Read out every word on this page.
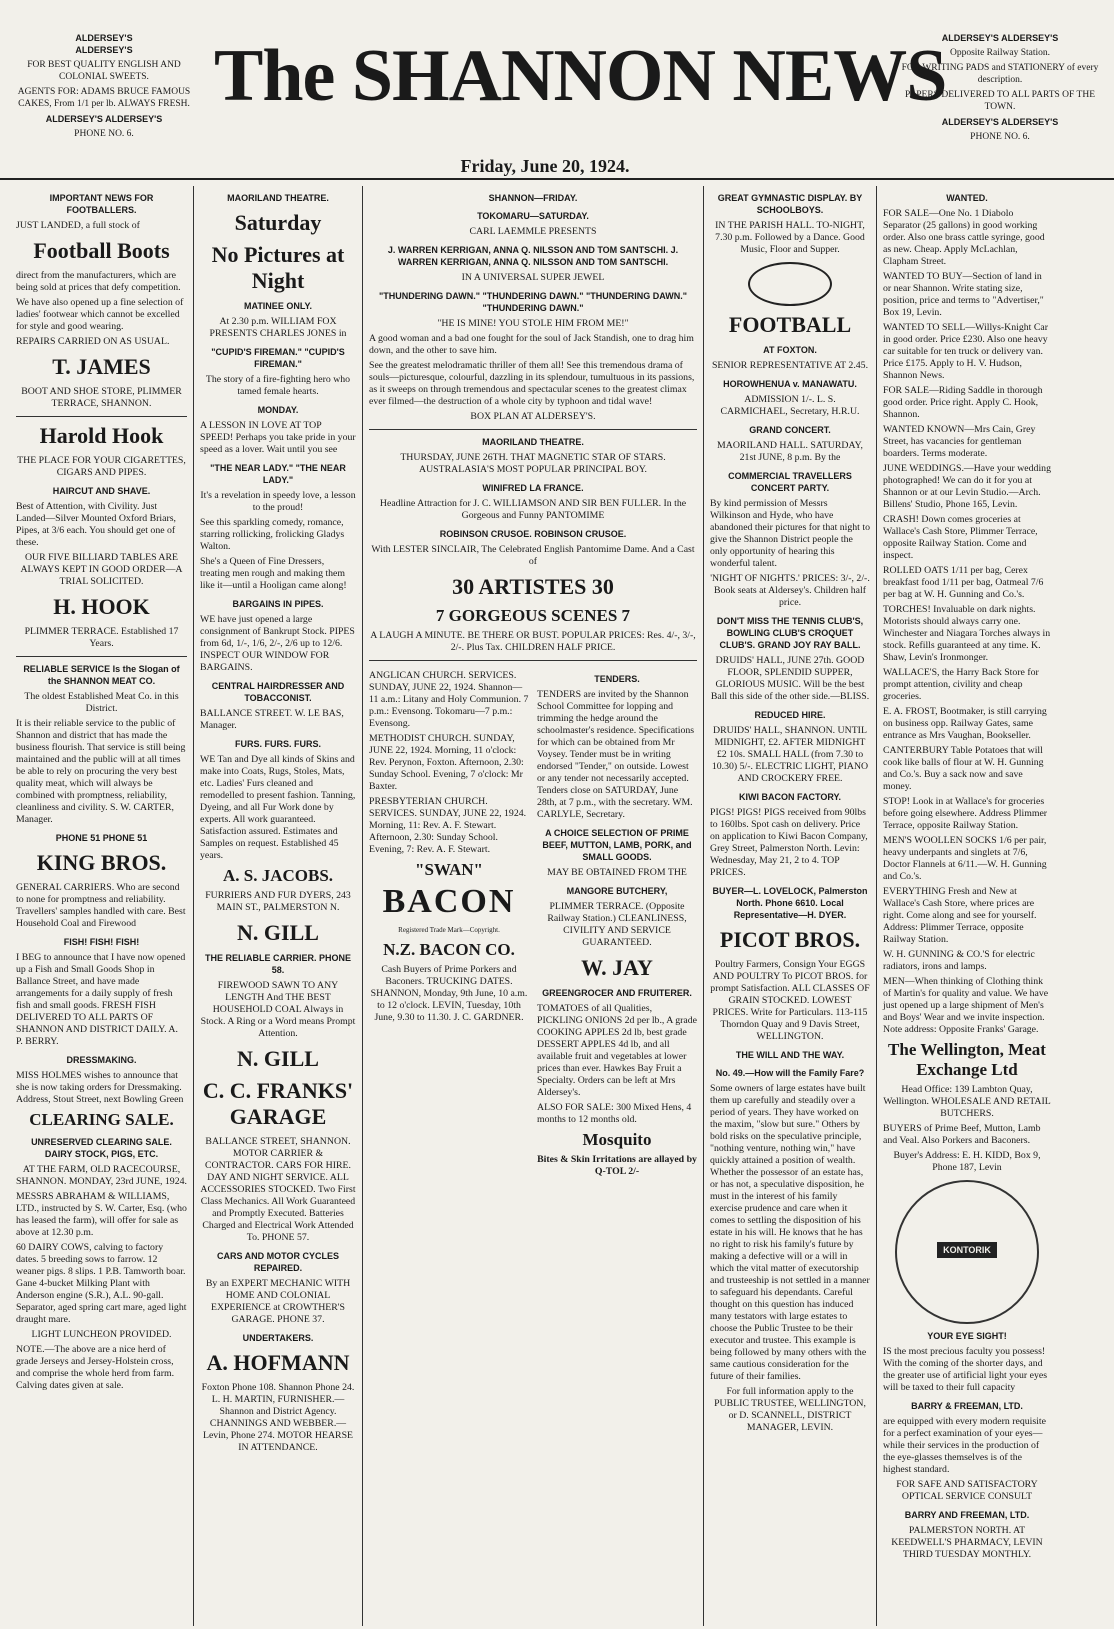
ALDERSEY'S
ALDERSEY'S

FOR BEST QUALITY ENGLISH AND COLONIAL SWEETS.

AGENTS FOR: ADAMS BRUCE FAMOUS CAKES, From 1/1 per lb. ALWAYS FRESH.

ALDERSEY'S ALDERSEY'S

PHONE NO. 6.

The SHANNON NEWS
Friday, June 20, 1924.
ALDERSEY'S ALDERSEY'S

Opposite Railway Station.

FOR WRITING PADS and STATIONERY of every description.

PAPERS DELIVERED TO ALL PARTS OF THE TOWN.

ALDERSEY'S ALDERSEY'S

PHONE NO. 6.

IMPORTANT NEWS FOR FOOTBALLERS.

JUST LANDED, a full stock of

Football Boots

direct from the manufacturers, which are being sold at prices that defy competition.

We have also opened up a fine selection of ladies' footwear which cannot be excelled for style and good wearing.

REPAIRS CARRIED ON AS USUAL.

T. JAMES

BOOT AND SHOE STORE, PLIMMER TERRACE, SHANNON.

Harold Hook

THE PLACE FOR YOUR CIGARETTES, CIGARS AND PIPES.

HAIRCUT AND SHAVE.

Best of Attention, with Civility. Just Landed—Silver Mounted Oxford Briars, Pipes, at 3/6 each. You should get one of these.

OUR FIVE BILLIARD TABLES ARE ALWAYS KEPT IN GOOD ORDER—A TRIAL SOLICITED.

H. HOOK

PLIMMER TERRACE. Established 17 Years.

RELIABLE SERVICE Is the Slogan of the SHANNON MEAT CO.

The oldest Established Meat Co. in this District.

It is their reliable service to the public of Shannon and district that has made the business flourish. That service is still being maintained and the public will at all times be able to rely on procuring the very best quality meat, which will always be combined with promptness, reliability, cleanliness and civility. S. W. CARTER, Manager.

PHONE 51 PHONE 51
KING BROS.

GENERAL CARRIERS. Who are second to none for promptness and reliability. Travellers' samples handled with care. Best Household Coal and Firewood

FISH! FISH! FISH!

I BEG to announce that I have now opened up a Fish and Small Goods Shop in Ballance Street, and have made arrangements for a daily supply of fresh fish and small goods. FRESH FISH DELIVERED TO ALL PARTS OF SHANNON AND DISTRICT DAILY. A. P. BERRY.

DRESSMAKING.

MISS HOLMES wishes to announce that she is now taking orders for Dressmaking. Address, Stout Street, next Bowling Green

CLEARING SALE.
UNRESERVED CLEARING SALE. DAIRY STOCK, PIGS, ETC.

AT THE FARM, OLD RACECOURSE, SHANNON. MONDAY, 23rd JUNE, 1924.

MESSRS ABRAHAM & WILLIAMS, LTD., instructed by S. W. Carter, Esq. (who has leased the farm), will offer for sale as above at 12.30 p.m.

60 DAIRY COWS, calving to factory dates. 5 breeding sows to farrow. 12 weaner pigs. 8 slips. 1 P.B. Tamworth boar. Gane 4-bucket Milking Plant with Anderson engine (S.R.), A.L. 90-gall. Separator, aged spring cart mare, aged light draught mare.

LIGHT LUNCHEON PROVIDED.

NOTE.—The above are a nice herd of grade Jerseys and Jersey-Holstein cross, and comprise the whole herd from farm. Calving dates given at sale.

MAORILAND THEATRE.
Saturday
No Pictures at Night
MATINEE ONLY.

At 2.30 p.m. WILLIAM FOX PRESENTS CHARLES JONES in

"CUPID'S FIREMAN." "CUPID'S FIREMAN."

The story of a fire-fighting hero who tamed female hearts.

MONDAY.

A LESSON IN LOVE AT TOP SPEED! Perhaps you take pride in your speed as a lover. Wait until you see

"THE NEAR LADY." "THE NEAR LADY."

It's a revelation in speedy love, a lesson to the proud!

See this sparkling comedy, romance, starring rollicking, frolicking Gladys Walton.

She's a Queen of Fine Dressers, treating men rough and making them like it—until a Hooligan came along!

BARGAINS IN PIPES.

WE have just opened a large consignment of Bankrupt Stock. PIPES from 6d, 1/-, 1/6, 2/-, 2/6 up to 12/6. INSPECT OUR WINDOW FOR BARGAINS.

CENTRAL HAIRDRESSER AND TOBACCONIST.

BALLANCE STREET. W. LE BAS, Manager.

FURS. FURS. FURS.

WE Tan and Dye all kinds of Skins and make into Coats, Rugs, Stoles, Mats, etc. Ladies' Furs cleaned and remodelled to present fashion. Tanning, Dyeing, and all Fur Work done by experts. All work guaranteed. Satisfaction assured. Estimates and Samples on request. Established 45 years.

A. S. JACOBS.

FURRIERS AND FUR DYERS, 243 MAIN ST., PALMERSTON N.

N. GILL
THE RELIABLE CARRIER. PHONE 58.

FIREWOOD SAWN TO ANY LENGTH And THE BEST HOUSEHOLD COAL Always in Stock. A Ring or a Word means Prompt Attention.

N. GILL
C. C. FRANKS' GARAGE

BALLANCE STREET, SHANNON. MOTOR CARRIER & CONTRACTOR. CARS FOR HIRE. DAY AND NIGHT SERVICE. ALL ACCESSORIES STOCKED. Two First Class Mechanics. All Work Guaranteed and Promptly Executed. Batteries Charged and Electrical Work Attended To. PHONE 57.

CARS AND MOTOR CYCLES REPAIRED.

By an EXPERT MECHANIC WITH HOME AND COLONIAL EXPERIENCE at CROWTHER'S GARAGE. PHONE 37.

UNDERTAKERS.
A. HOFMANN

Foxton Phone 108. Shannon Phone 24. L. H. MARTIN, FURNISHER.—Shannon and District Agency. CHANNINGS AND WEBBER.—Levin, Phone 274. MOTOR HEARSE IN ATTENDANCE.

SHANNON—FRIDAY.
TOKOMARU—SATURDAY.

CARL LAEMMLE PRESENTS

J. WARREN KERRIGAN, ANNA Q. NILSSON AND TOM SANTSCHI. J. WARREN KERRIGAN, ANNA Q. NILSSON AND TOM SANTSCHI.

IN A UNIVERSAL SUPER JEWEL

"THUNDERING DAWN." "THUNDERING DAWN." "THUNDERING DAWN." "THUNDERING DAWN."

"HE IS MINE! YOU STOLE HIM FROM ME!"

A good woman and a bad one fought for the soul of Jack Standish, one to drag him down, and the other to save him.

See the greatest melodramatic thriller of them all! See this tremendous drama of souls—picturesque, colourful, dazzling in its splendour, tumultuous in its passions, as it sweeps on through tremendous and spectacular scenes to the greatest climax ever filmed—the destruction of a whole city by typhoon and tidal wave!

BOX PLAN AT ALDERSEY'S.

MAORILAND THEATRE.

THURSDAY, JUNE 26TH. THAT MAGNETIC STAR OF STARS. AUSTRALASIA'S MOST POPULAR PRINCIPAL BOY.

WINIFRED LA FRANCE.

Headline Attraction for J. C. WILLIAMSON AND SIR BEN FULLER. In the Gorgeous and Funny PANTOMIME

ROBINSON CRUSOE. ROBINSON CRUSOE.

With LESTER SINCLAIR, The Celebrated English Pantomime Dame. And a Cast of

30 ARTISTES 30
7 GORGEOUS SCENES 7

A LAUGH A MINUTE. BE THERE OR BUST. POPULAR PRICES: Res. 4/-, 3/-, 2/-. Plus Tax. CHILDREN HALF PRICE.

ANGLICAN CHURCH. SERVICES. SUNDAY, JUNE 22, 1924. Shannon—11 a.m.: Litany and Holy Communion. 7 p.m.: Evensong. Tokomaru—7 p.m.: Evensong.

METHODIST CHURCH. SUNDAY, JUNE 22, 1924. Morning, 11 o'clock: Rev. Perynon, Foxton. Afternoon, 2.30: Sunday School. Evening, 7 o'clock: Mr Baxter.

PRESBYTERIAN CHURCH. SERVICES. SUNDAY, JUNE 22, 1924. Morning, 11: Rev. A. F. Stewart. Afternoon, 2.30: Sunday School. Evening, 7: Rev. A. F. Stewart.

"SWAN"
BACON

Registered Trade Mark—Copyright.

N.Z. BACON CO.

Cash Buyers of Prime Porkers and Baconers. TRUCKING DATES. SHANNON, Monday, 9th June, 10 a.m. to 12 o'clock. LEVIN, Tuesday, 10th June, 9.30 to 11.30. J. C. GARDNER.

TENDERS.

TENDERS are invited by the Shannon School Committee for lopping and trimming the hedge around the schoolmaster's residence. Specifications for which can be obtained from Mr Voysey. Tender must be in writing endorsed "Tender," on outside. Lowest or any tender not necessarily accepted. Tenders close on SATURDAY, June 28th, at 7 p.m., with the secretary. WM. CARLYLE, Secretary.

A CHOICE SELECTION OF PRIME BEEF, MUTTON, LAMB, PORK, and SMALL GOODS.

MAY BE OBTAINED FROM THE

MANGORE BUTCHERY,

PLIMMER TERRACE. (Opposite Railway Station.) CLEANLINESS, CIVILITY AND SERVICE GUARANTEED.

W. JAY
GREENGROCER AND FRUITERER.

TOMATOES of all Qualities, PICKLING ONIONS 2d per lb., A grade COOKING APPLES 2d lb, best grade DESSERT APPLES 4d lb, and all available fruit and vegetables at lower prices than ever. Hawkes Bay Fruit a Specialty. Orders can be left at Mrs Aldersey's.

ALSO FOR SALE: 300 Mixed Hens, 4 months to 12 months old.

Mosquito

Bites & Skin Irritations are allayed by Q-TOL 2/-

GREAT GYMNASTIC DISPLAY. BY SCHOOLBOYS.

IN THE PARISH HALL. TO-NIGHT, 7.30 p.m. Followed by a Dance. Good Music, Floor and Supper.

FOOTBALL
AT FOXTON.

SENIOR REPRESENTATIVE AT 2.45.

HOROWHENUA v. MANAWATU.

ADMISSION 1/-. L. S. CARMICHAEL, Secretary, H.R.U.

GRAND CONCERT.

MAORILAND HALL. SATURDAY, 21st JUNE, 8 p.m. By the

COMMERCIAL TRAVELLERS CONCERT PARTY.

By kind permission of Messrs Wilkinson and Hyde, who have abandoned their pictures for that night to give the Shannon District people the only opportunity of hearing this wonderful talent.

'NIGHT OF NIGHTS.' PRICES: 3/-, 2/-. Book seats at Aldersey's. Children half price.

DON'T MISS THE TENNIS CLUB'S, BOWLING CLUB'S CROQUET CLUB'S. GRAND JOY RAY BALL.

DRUIDS' HALL, JUNE 27th. GOOD FLOOR, SPLENDID SUPPER, GLORIOUS MUSIC. Will be the best Ball this side of the other side.—BLISS.

REDUCED HIRE.

DRUIDS' HALL, SHANNON. UNTIL MIDNIGHT, £2. AFTER MIDNIGHT £2 10s. SMALL HALL (from 7.30 to 10.30) 5/-. ELECTRIC LIGHT, PIANO AND CROCKERY FREE.

KIWI BACON FACTORY.

PIGS! PIGS! PIGS received from 90lbs to 160lbs. Spot cash on delivery. Price on application to Kiwi Bacon Company, Grey Street, Palmerston North. Levin: Wednesday, May 21, 2 to 4. TOP PRICES.

BUYER—L. LOVELOCK, Palmerston North. Phone 6610. Local Representative—H. DYER.
PICOT BROS.

Poultry Farmers, Consign Your EGGS AND POULTRY To PICOT BROS. for prompt Satisfaction. ALL CLASSES OF GRAIN STOCKED. LOWEST PRICES. Write for Particulars. 113-115 Thorndon Quay and 9 Davis Street, WELLINGTON.

THE WILL AND THE WAY.
No. 49.—How will the Family Fare?

Some owners of large estates have built them up carefully and steadily over a period of years. They have worked on the maxim, "slow but sure." Others by bold risks on the speculative principle, "nothing venture, nothing win," have quickly attained a position of wealth. Whether the possessor of an estate has, or has not, a speculative disposition, he must in the interest of his family exercise prudence and care when it comes to settling the disposition of his estate in his will. He knows that he has no right to risk his family's future by making a defective will or a will in which the vital matter of executorship and trusteeship is not settled in a manner to safeguard his dependants. Careful thought on this question has induced many testators with large estates to choose the Public Trustee to be their executor and trustee. This example is being followed by many others with the same cautious consideration for the future of their families.

For full information apply to the PUBLIC TRUSTEE, WELLINGTON, or D. SCANNELL, DISTRICT MANAGER, LEVIN.

WANTED.

FOR SALE—One No. 1 Diabolo Separator (25 gallons) in good working order. Also one brass cattle syringe, good as new. Cheap. Apply McLachlan, Clapham Street.

WANTED TO BUY—Section of land in or near Shannon. Write stating size, position, price and terms to "Advertiser," Box 19, Levin.

WANTED TO SELL—Willys-Knight Car in good order. Price £230. Also one heavy car suitable for ten truck or delivery van. Price £175. Apply to H. V. Hudson, Shannon News.

FOR SALE—Riding Saddle in thorough good order. Price right. Apply C. Hook, Shannon.

WANTED KNOWN—Mrs Cain, Grey Street, has vacancies for gentleman boarders. Terms moderate.

JUNE WEDDINGS.—Have your wedding photographed! We can do it for you at Shannon or at our Levin Studio.—Arch. Billens' Studio, Phone 165, Levin.

CRASH! Down comes groceries at Wallace's Cash Store, Plimmer Terrace, opposite Railway Station. Come and inspect.

ROLLED OATS 1/11 per bag, Cerex breakfast food 1/11 per bag, Oatmeal 7/6 per bag at W. H. Gunning and Co.'s.

TORCHES! Invaluable on dark nights. Motorists should always carry one. Winchester and Niagara Torches always in stock. Refills guaranteed at any time. K. Shaw, Levin's Ironmonger.

WALLACE'S, the Harry Back Store for prompt attention, civility and cheap groceries.

E. A. FROST, Bootmaker, is still carrying on business opp. Railway Gates, same entrance as Mrs Vaughan, Bookseller.

CANTERBURY Table Potatoes that will cook like balls of flour at W. H. Gunning and Co.'s. Buy a sack now and save money.

STOP! Look in at Wallace's for groceries before going elsewhere. Address Plimmer Terrace, opposite Railway Station.

MEN'S WOOLLEN SOCKS 1/6 per pair, heavy underpants and singlets at 7/6, Doctor Flannels at 6/11.—W. H. Gunning and Co.'s.

EVERYTHING Fresh and New at Wallace's Cash Store, where prices are right. Come along and see for yourself. Address: Plimmer Terrace, opposite Railway Station.

W. H. GUNNING & CO.'S for electric radiators, irons and lamps.

MEN—When thinking of Clothing think of Martin's for quality and value. We have just opened up a large shipment of Men's and Boys' Wear and we invite inspection. Note address: Opposite Franks' Garage.

The Wellington, Meat Exchange Ltd

Head Office: 139 Lambton Quay, Wellington. WHOLESALE AND RETAIL BUTCHERS.

BUYERS of Prime Beef, Mutton, Lamb and Veal. Also Porkers and Baconers.

Buyer's Address: E. H. KIDD, Box 9, Phone 187, Levin

KONTORIK
YOUR EYE SIGHT!

IS the most precious faculty you possess! With the coming of the shorter days, and the greater use of artificial light your eyes will be taxed to their full capacity

BARRY & FREEMAN, LTD.

are equipped with every modern requisite for a perfect examination of your eyes—while their services in the production of the eye-glasses themselves is of the highest standard.

FOR SAFE AND SATISFACTORY OPTICAL SERVICE CONSULT

BARRY AND FREEMAN, LTD.

PALMERSTON NORTH. AT KEEDWELL'S PHARMACY, LEVIN THIRD TUESDAY MONTHLY.
